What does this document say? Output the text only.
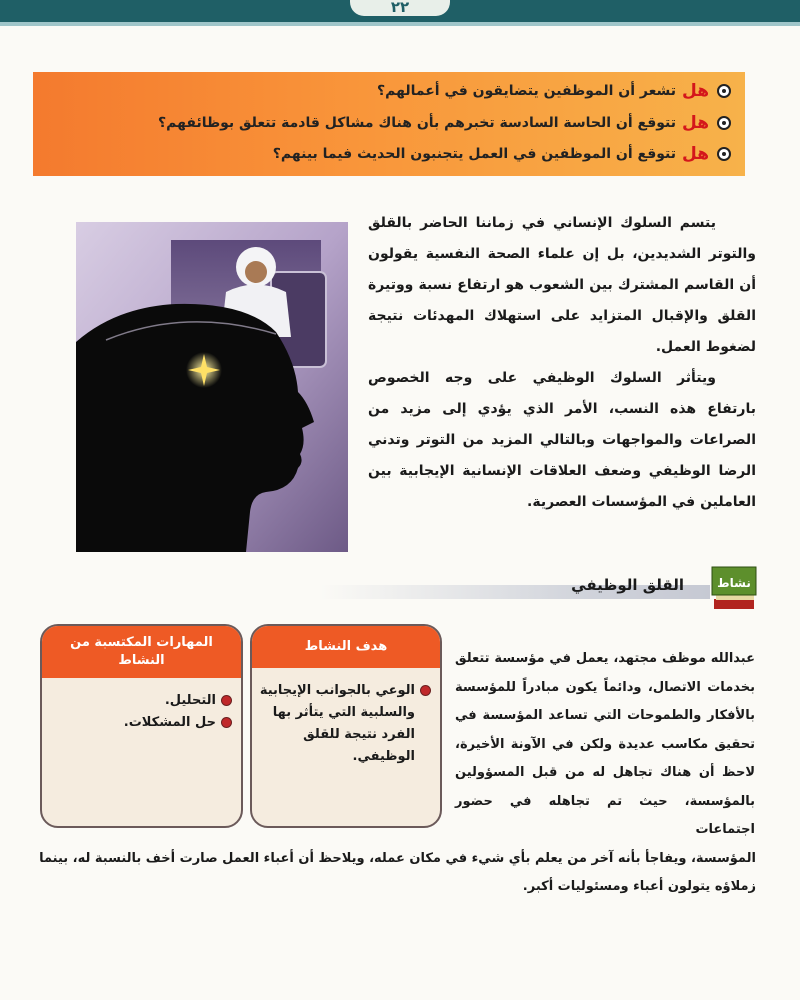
٢٢
هل
تشعر أن الموظفين يتضايقون في أعمالهم؟
هل
تتوقع أن الحاسة السادسة تخبرهم بأن هناك مشاكل قادمة تتعلق بوظائفهم؟
هل
تتوقع أن الموظفين في العمل يتجنبون الحديث فيما بينهم؟
يتسم السلوك الإنساني في زماننا الحاضر بالقلق والتوتر الشديدين، بل إن علماء الصحة النفسية يقولون أن القاسم المشترك بين الشعوب هو ارتفاع نسبة ووتيرة القلق والإقبال المتزايد على استهلاك المهدئات نتيجة لضغوط العمل.
ويتأثر السلوك الوظيفي على وجه الخصوص بارتفاع هذه النسب، الأمر الذي يؤدي إلى مزيد من الصراعات والمواجهات وبالتالي المزيد من التوتر وتدني الرضا الوظيفي وضعف العلاقات الإنسانية الإيجابية بين العاملين في المؤسسات العصرية.
القلق الوظيفي	نشاط
المهارات المكتسبة من النشاط
التحليل.
حل المشكلات.
هدف النشاط
الوعي بالجوانب الإيجابية والسلبية التي يتأثر بها الفرد نتيجة للقلق الوظيفي.
عبدالله موظف مجتهد، يعمل في مؤسسة تتعلق بخدمات الاتصال، ودائماً يكون مبادراً للمؤسسة بالأفكار والطموحات التي تساعد المؤسسة في تحقيق مكاسب عديدة ولكن في الآونة الأخيرة، لاحظ أن هناك تجاهل له من قبل المسؤولين بالمؤسسة، حيث تم تجاهله في حضور اجتماعات
المؤسسة، ويفاجأ بأنه آخر من يعلم بأي شيء في مكان عمله، ويلاحظ أن أعباء العمل صارت أخف بالنسبة له، بينما زملاؤه يتولون أعباء ومسئوليات أكبر.
